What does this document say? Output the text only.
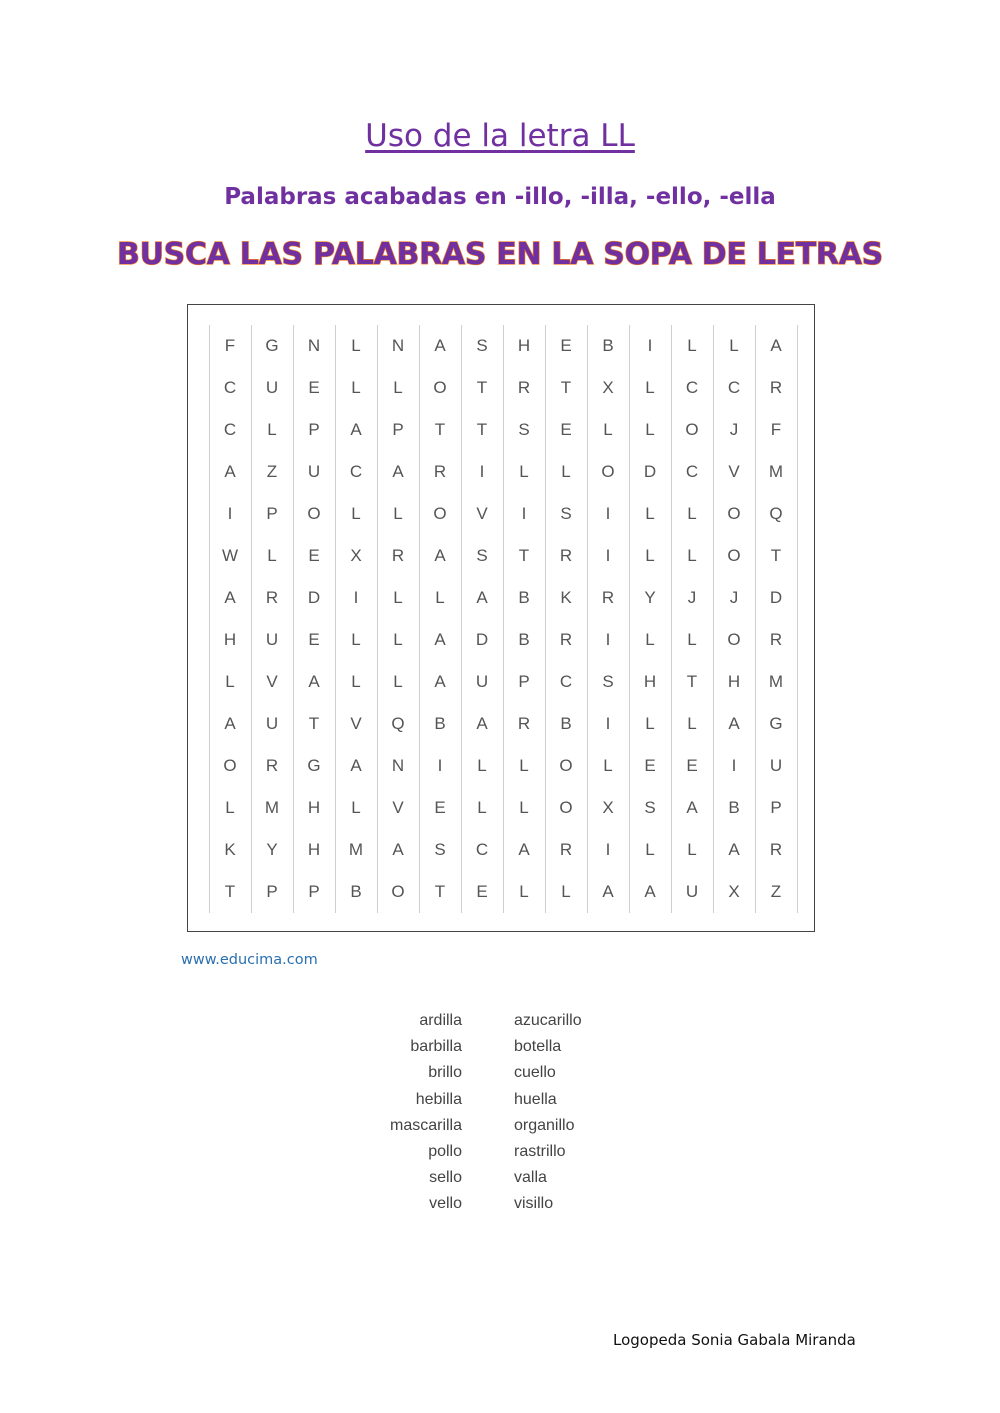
Uso de la letra LL
Palabras acabadas en -illo, -illa, -ello, -ella
BUSCA LAS PALABRAS EN LA SOPA DE LETRAS
F	G	N	L	N	A	S	H	E	B	I	L	L	A
C	U	E	L	L	O	T	R	T	X	L	C	C	R
C	L	P	A	P	T	T	S	E	L	L	O	J	F
A	Z	U	C	A	R	I	L	L	O	D	C	V	M
I	P	O	L	L	O	V	I	S	I	L	L	O	Q
W	L	E	X	R	A	S	T	R	I	L	L	O	T
A	R	D	I	L	L	A	B	K	R	Y	J	J	D
H	U	E	L	L	A	D	B	R	I	L	L	O	R
L	V	A	L	L	A	U	P	C	S	H	T	H	M
A	U	T	V	Q	B	A	R	B	I	L	L	A	G
O	R	G	A	N	I	L	L	O	L	E	E	I	U
L	M	H	L	V	E	L	L	O	X	S	A	B	P
K	Y	H	M	A	S	C	A	R	I	L	L	A	R
T	P	P	B	O	T	E	L	L	A	A	U	X	Z
www.educima.com
ardilla
barbilla
brillo
hebilla
mascarilla
pollo
sello
vello
azucarillo
botella
cuello
huella
organillo
rastrillo
valla
visillo
Logopeda Sonia Gabala Miranda
